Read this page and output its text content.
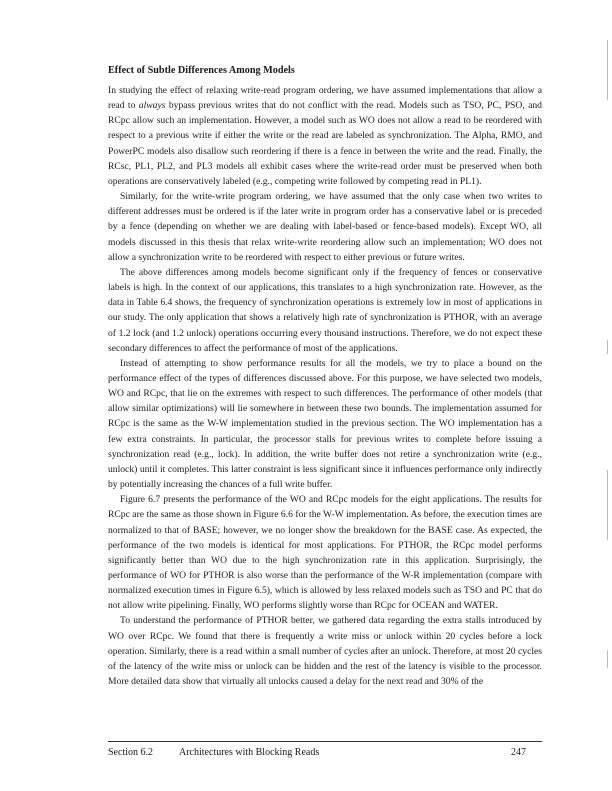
Effect of Subtle Differences Among Models

In studying the effect of relaxing write-read program ordering, we have assumed implementations that allow a read to always bypass previous writes that do not conflict with the read. Models such as TSO, PC, PSO, and RCpc allow such an implementation. However, a model such as WO does not allow a read to be reordered with respect to a previous write if either the write or the read are labeled as synchronization. The Alpha, RMO, and PowerPC models also disallow such reordering if there is a fence in between the write and the read. Finally, the RCsc, PL1, PL2, and PL3 models all exhibit cases where the write-read order must be preserved when both operations are conservatively labeled (e.g., competing write followed by competing read in PL1).

Similarly, for the write-write program ordering, we have assumed that the only case when two writes to different addresses must be ordered is if the later write in program order has a conservative label or is preceded by a fence (depending on whether we are dealing with label-based or fence-based models). Except WO, all models discussed in this thesis that relax write-write reordering allow such an implementation; WO does not allow a synchronization write to be reordered with respect to either previous or future writes.

The above differences among models become significant only if the frequency of fences or conservative labels is high. In the context of our applications, this translates to a high synchronization rate. However, as the data in Table 6.4 shows, the frequency of synchronization operations is extremely low in most of applications in our study. The only application that shows a relatively high rate of synchronization is PTHOR, with an average of 1.2 lock (and 1.2 unlock) operations occurring every thousand instructions. Therefore, we do not expect these secondary differences to affect the performance of most of the applications.

Instead of attempting to show performance results for all the models, we try to place a bound on the performance effect of the types of differences discussed above. For this purpose, we have selected two models, WO and RCpc, that lie on the extremes with respect to such differences. The performance of other models (that allow similar optimizations) will lie somewhere in between these two bounds. The implementation assumed for RCpc is the same as the W-W implementation studied in the previous section. The WO implementation has a few extra constraints. In particular, the processor stalls for previous writes to complete before issuing a synchronization read (e.g., lock). In addition, the write buffer does not retire a synchronization write (e.g., unlock) until it completes. This latter constraint is less significant since it influences performance only indirectly by potentially increasing the chances of a full write buffer.

Figure 6.7 presents the performance of the WO and RCpc models for the eight applications. The results for RCpc are the same as those shown in Figure 6.6 for the W-W implementation. As before, the execution times are normalized to that of BASE; however, we no longer show the breakdown for the BASE case. As expected, the performance of the two models is identical for most applications. For PTHOR, the RCpc model performs significantly better than WO due to the high synchronization rate in this application. Surprisingly, the performance of WO for PTHOR is also worse than the performance of the W-R implementation (compare with normalized execution times in Figure 6.5), which is allowed by less relaxed models such as TSO and PC that do not allow write pipelining. Finally, WO performs slightly worse than RCpc for OCEAN and WATER.

To understand the performance of PTHOR better, we gathered data regarding the extra stalls introduced by WO over RCpc. We found that there is frequently a write miss or unlock within 20 cycles before a lock operation. Similarly, there is a read within a small number of cycles after an unlock. Therefore, at most 20 cycles of the latency of the write miss or unlock can be hidden and the rest of the latency is visible to the processor. More detailed data show that virtually all unlocks caused a delay for the next read and 30% of the

Section 6.2	Architectures with Blocking Reads	247
